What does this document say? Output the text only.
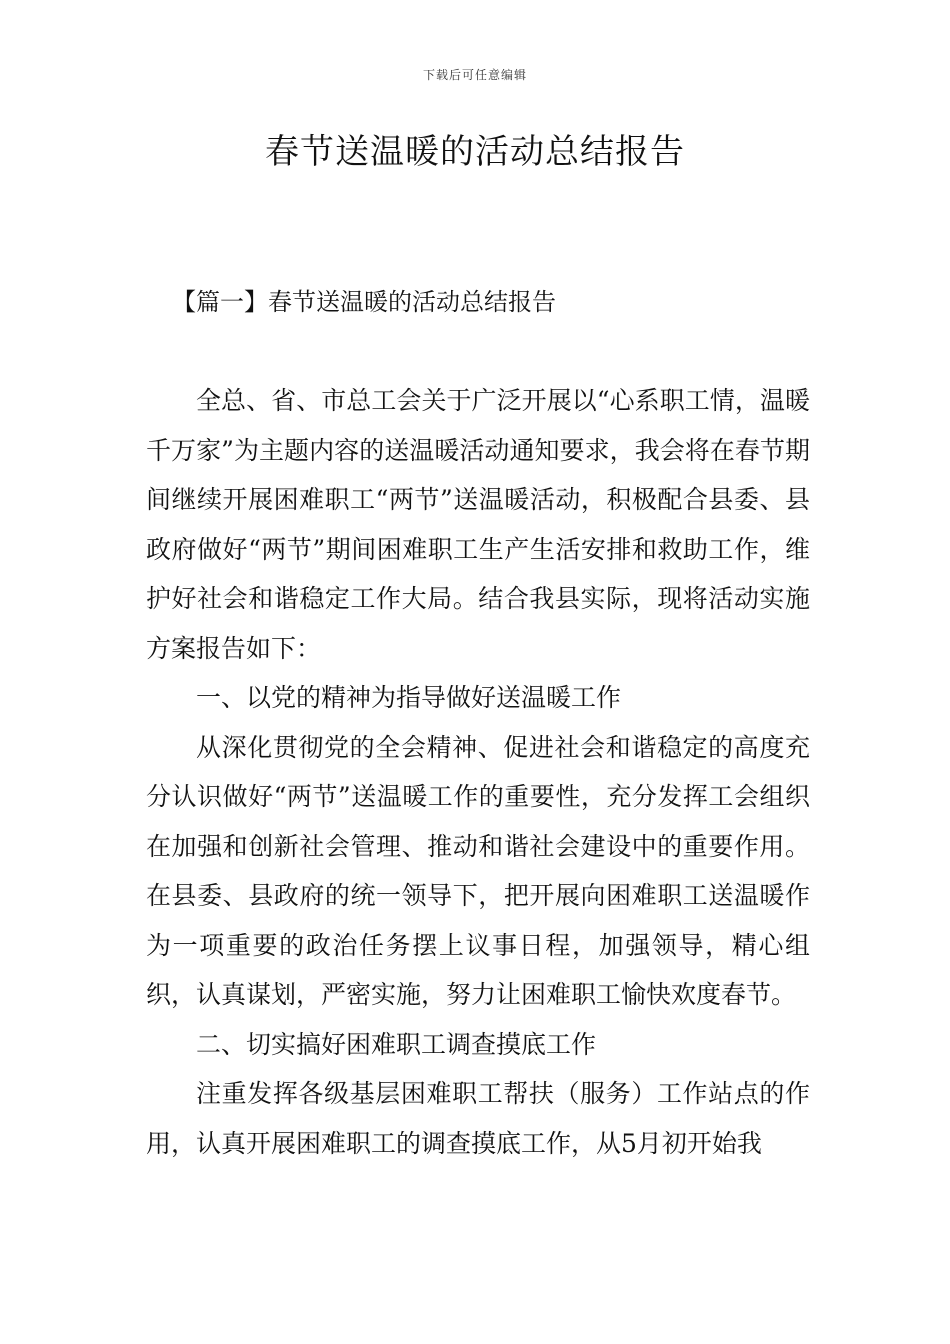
下载后可任意编辑
春节送温暖的活动总结报告
【篇一】春节送温暖的活动总结报告

全总、省、市总工会关于广泛开展以“心系职工情，温暖千万家”为主题内容的送温暖活动通知要求，我会将在春节期间继续开展困难职工“两节”送温暖活动，积极配合县委、县政府做好“两节”期间困难职工生产生活安排和救助工作，维护好社会和谐稳定工作大局。结合我县实际，现将活动实施方案报告如下：

一、以党的精神为指导做好送温暖工作

从深化贯彻党的全会精神、促进社会和谐稳定的高度充分认识做好“两节”送温暖工作的重要性，充分发挥工会组织在加强和创新社会管理、推动和谐社会建设中的重要作用。在县委、县政府的统一领导下，把开展向困难职工送温暖作为一项重要的政治任务摆上议事日程，加强领导，精心组织，认真谋划，严密实施，努力让困难职工愉快欢度春节。

二、切实搞好困难职工调查摸底工作

注重发挥各级基层困难职工帮扶（服务）工作站点的作用，认真开展困难职工的调查摸底工作，从5月初开始我
